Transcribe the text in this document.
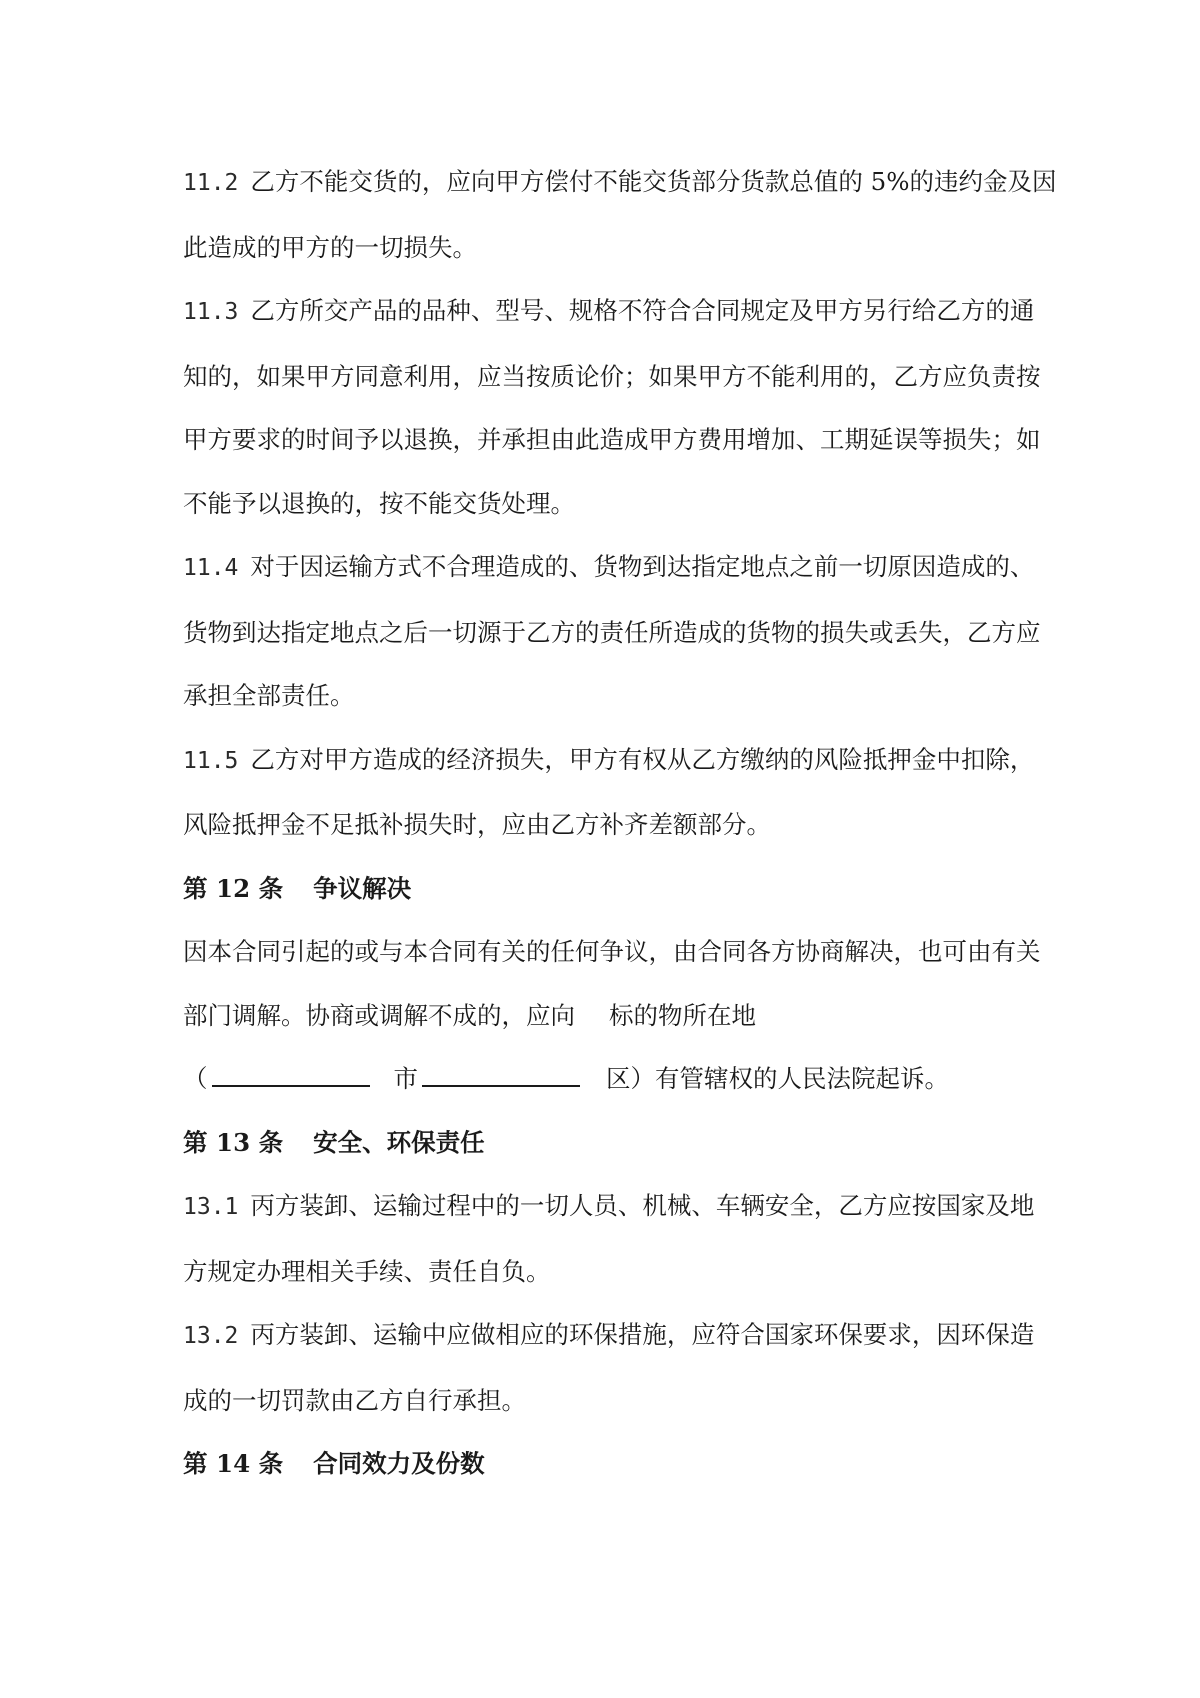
11.2 乙方不能交货的，应向甲方偿付不能交货部分货款总值的 5%的违约金及因
此造成的甲方的一切损失。
11.3 乙方所交产品的品种、型号、规格不符合合同规定及甲方另行给乙方的通
知的，如果甲方同意利用，应当按质论价；如果甲方不能利用的，乙方应负责按
甲方要求的时间予以退换，并承担由此造成甲方费用增加、工期延误等损失；如
不能予以退换的，按不能交货处理。
11.4 对于因运输方式不合理造成的、货物到达指定地点之前一切原因造成的、
货物到达指定地点之后一切源于乙方的责任所造成的货物的损失或丢失，乙方应
承担全部责任。
11.5 乙方对甲方造成的经济损失，甲方有权从乙方缴纳的风险抵押金中扣除，
风险抵押金不足抵补损失时，应由乙方补齐差额部分。
第 12 条 争议解决
因本合同引起的或与本合同有关的任何争议，由合同各方协商解决，也可由有关
部门调解。协商或调解不成的，应向 标的物所在地
（	市	区）有管辖权的人民法院起诉。
第 13 条 安全、环保责任
13.1 丙方装卸、运输过程中的一切人员、机械、车辆安全，乙方应按国家及地
方规定办理相关手续、责任自负。
13.2 丙方装卸、运输中应做相应的环保措施，应符合国家环保要求，因环保造
成的一切罚款由乙方自行承担。
第 14 条 合同效力及份数
